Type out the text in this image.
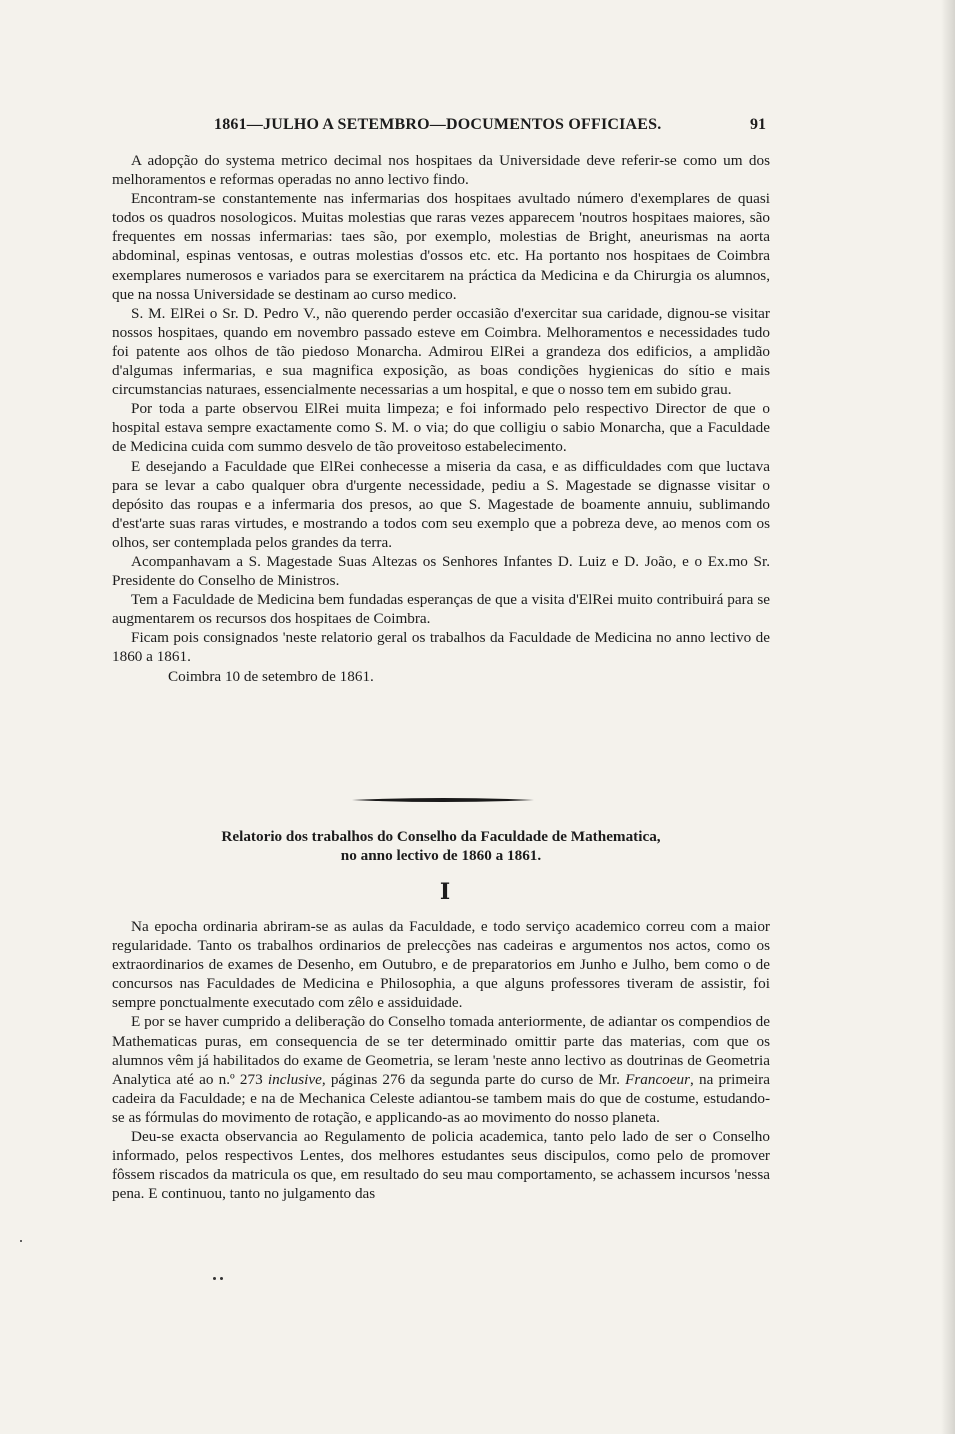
1861—JULHO A SETEMBRO—DOCUMENTOS OFFICIAES.	91

A adopção do systema metrico decimal nos hospitaes da Universidade deve referir-se como um dos melhoramentos e reformas operadas no anno lectivo findo.

Encontram-se constantemente nas infermarias dos hospitaes avultado número d'exemplares de quasi todos os quadros nosologicos. Muitas molestias que raras vezes apparecem 'noutros hospitaes maiores, são frequentes em nossas infermarias: taes são, por exemplo, molestias de Bright, aneurismas na aorta abdominal, espinas ventosas, e outras molestias d'ossos etc. etc. Ha portanto nos hospitaes de Coimbra exemplares numerosos e variados para se exercitarem na práctica da Medicina e da Chirurgia os alumnos, que na nossa Universidade se destinam ao curso medico.

S. M. ElRei o Sr. D. Pedro V., não querendo perder occasião d'exercitar sua caridade, dignou-se visitar nossos hospitaes, quando em novembro passado esteve em Coimbra. Melhoramentos e necessidades tudo foi patente aos olhos de tão piedoso Monarcha. Admirou ElRei a grandeza dos edificios, a amplidão d'algumas infermarias, e sua magnifica exposição, as boas condições hygienicas do sítio e mais circumstancias naturaes, essencialmente necessarias a um hospital, e que o nosso tem em subido grau.

Por toda a parte observou ElRei muita limpeza; e foi informado pelo respectivo Director de que o hospital estava sempre exactamente como S. M. o via; do que colligiu o sabio Monarcha, que a Faculdade de Medicina cuida com summo desvelo de tão proveitoso estabelecimento.

E desejando a Faculdade que ElRei conhecesse a miseria da casa, e as difficuldades com que luctava para se levar a cabo qualquer obra d'urgente necessidade, pediu a S. Magestade se dignasse visitar o depósito das roupas e a infermaria dos presos, ao que S. Magestade de boamente annuiu, sublimando d'est'arte suas raras virtudes, e mostrando a todos com seu exemplo que a pobreza deve, ao menos com os olhos, ser contemplada pelos grandes da terra.

Acompanhavam a S. Magestade Suas Altezas os Senhores Infantes D. Luiz e D. João, e o Ex.mo Sr. Presidente do Conselho de Ministros.

Tem a Faculdade de Medicina bem fundadas esperanças de que a visita d'ElRei muito contribuirá para se augmentarem os recursos dos hospitaes de Coimbra.

Ficam pois consignados 'neste relatorio geral os trabalhos da Faculdade de Medicina no anno lectivo de 1860 a 1861.

Coimbra 10 de setembro de 1861.

Relatorio dos trabalhos do Conselho da Faculdade de Mathematica,
no anno lectivo de 1860 a 1861.
I

Na epocha ordinaria abriram-se as aulas da Faculdade, e todo serviço academico correu com a maior regularidade. Tanto os trabalhos ordinarios de prelecções nas cadeiras e argumentos nos actos, como os extraordinarios de exames de Desenho, em Outubro, e de preparatorios em Junho e Julho, bem como o de concursos nas Faculdades de Medicina e Philosophia, a que alguns professores tiveram de assistir, foi sempre ponctualmente executado com zêlo e assiduidade.

E por se haver cumprido a deliberação do Conselho tomada anteriormente, de adiantar os compendios de Mathematicas puras, em consequencia de se ter determinado omittir parte das materias, com que os alumnos vêm já habilitados do exame de Geometria, se leram 'neste anno lectivo as doutrinas de Geometria Analytica até ao n.º 273 inclusive, páginas 276 da segunda parte do curso de Mr. Francoeur, na primeira cadeira da Faculdade; e na de Mechanica Celeste adiantou-se tambem mais do que de costume, estudando-se as fórmulas do movimento de rotação, e applicando-as ao movimento do nosso planeta.

Deu-se exacta observancia ao Regulamento de policia academica, tanto pelo lado de ser o Conselho informado, pelos respectivos Lentes, dos melhores estudantes seus discipulos, como pelo de promover fôssem riscados da matricula os que, em resultado do seu mau comportamento, se achassem incursos 'nessa pena. E continuou, tanto no julgamento das
